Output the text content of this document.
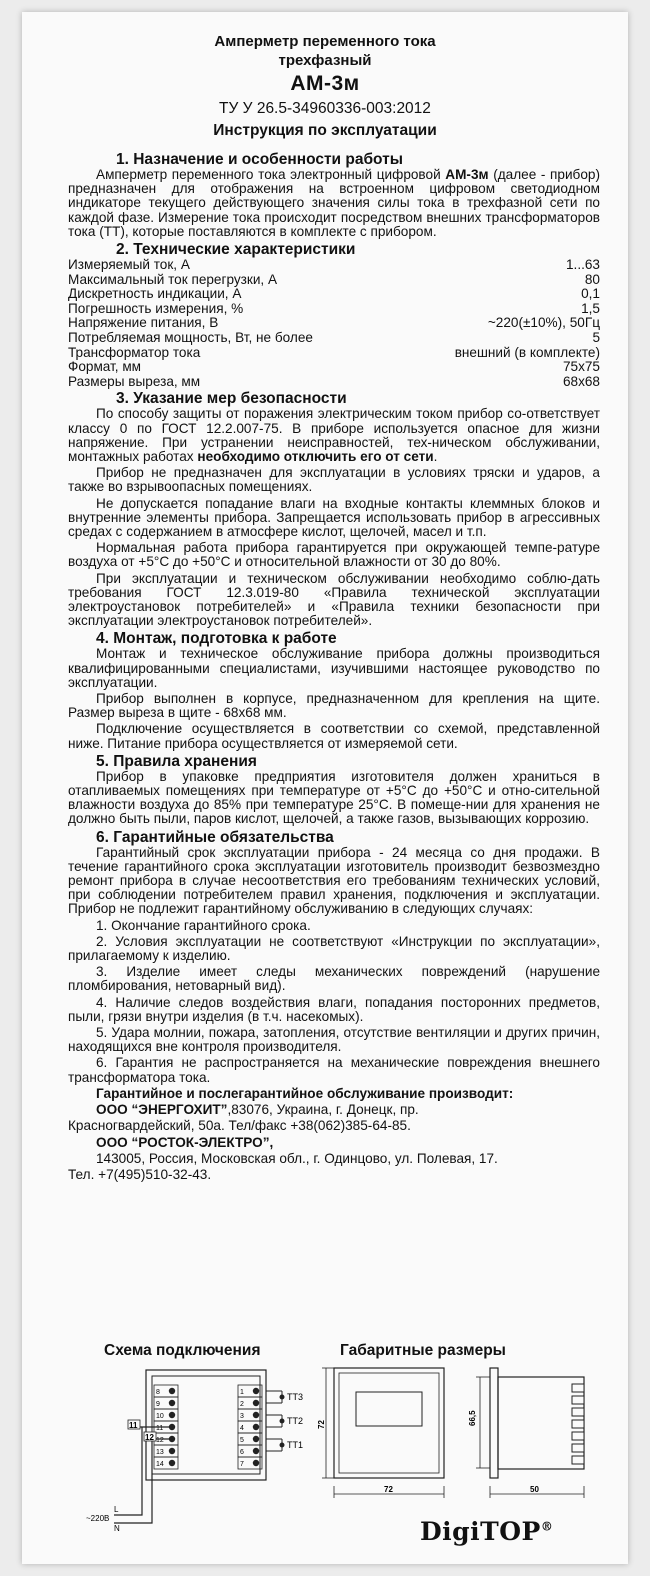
Амперметр переменного тока
трехфазный
АМ-3м
ТУ У 26.5-34960336-003:2012
Инструкция по эксплуатации
1. Назначение и особенности работы

Амперметр переменного тока электронный цифровой АМ-3м (далее - прибор) предназначен для отображения на встроенном цифровом светодиодном индикаторе текущего действующего значения силы тока в трехфазной сети по каждой фазе. Измерение тока происходит посредством внешних трансформаторов тока (ТТ), которые поставляются в комплекте с прибором.

2. Технические характеристики
Измеряемый ток, А	1...63
Максимальный ток перегрузки, А	80
Дискретность индикации, А	0,1
Погрешность измерения, %	1,5
Напряжение питания, В	~220(±10%), 50Гц
Потребляемая мощность, Вт, не более	5
Трансформатор тока	внешний (в комплекте)
Формат, мм	75х75
Размеры выреза, мм	68х68
3. Указание мер безопасности

По способу защиты от поражения электрическим током прибор со-ответствует классу 0 по ГОСТ 12.2.007-75. В приборе используется опасное для жизни напряжение. При устранении неисправностей, тех-ническом обслуживании, монтажных работах необходимо отключить его от сети.

Прибор не предназначен для эксплуатации в условиях тряски и ударов, а также во взрывоопасных помещениях.

Не допускается попадание влаги на входные контакты клеммных блоков и внутренние элементы прибора. Запрещается использовать прибор в агрессивных средах с содержанием в атмосфере кислот, щелочей, масел и т.п.

Нормальная работа прибора гарантируется при окружающей темпе-ратуре воздуха от +5°С до +50°С и относительной влажности от 30 до 80%.

При эксплуатации и техническом обслуживании необходимо соблю-дать требования ГОСТ 12.3.019-80 «Правила технической эксплуатации электроустановок потребителей» и «Правила техники безопасности при эксплуатации электроустановок потребителей».

4. Монтаж, подготовка к работе

Монтаж и техническое обслуживание прибора должны производиться квалифицированными специалистами, изучившими настоящее руководство по эксплуатации.

Прибор выполнен в корпусе, предназначенном для крепления на щите. Размер выреза в щите - 68х68 мм.

Подключение осуществляется в соответствии со схемой, представленной ниже. Питание прибора осуществляется от измеряемой сети.

5. Правила хранения

Прибор в упаковке предприятия изготовителя должен храниться в отапливаемых помещениях при температуре от +5°С до +50°С и отно-сительной влажности воздуха до 85% при температуре 25°С. В помеще-нии для хранения не должно быть пыли, паров кислот, щелочей, а также газов, вызывающих коррозию.

6. Гарантийные обязательства

Гарантийный срок эксплуатации прибора - 24 месяца со дня продажи. В течение гарантийного срока эксплуатации изготовитель производит безвозмездно ремонт прибора в случае несоответствия его требованиям технических условий, при соблюдении потребителем правил хранения, подключения и эксплуатации. Прибор не подлежит гарантийному обслуживанию в следующих случаях:

1. Окончание гарантийного срока.

2. Условия эксплуатации не соответствуют «Инструкции по эксплуатации», прилагаемому к изделию.

3. Изделие имеет следы механических повреждений (нарушение пломбирования, нетоварный вид).

4. Наличие следов воздействия влаги, попадания посторонних предметов, пыли, грязи внутри изделия (в т.ч. насекомых).

5. Удара молнии, пожара, затопления, отсутствие вентиляции и других причин, находящихся вне контроля производителя.

6. Гарантия не распространяется на механические повреждения внешнего трансформатора тока.

Гарантийное и послегарантийное обслуживание производит:

ООО “ЭНЕРГОХИТ”,83076, Украина, г. Донецк, пр.

Красногвардейский, 50а. Тел/факс +38(062)385-64-85.

ООО “РОСТОК-ЭЛЕКТРО”,

143005, Россия, Московская обл., г. Одинцово, ул. Полевая, 17.

Тел. +7(495)510-32-43.

Схема подключения	Габаритные размеры
8
9
10
11
12
13
14
1
2
3
4
5
6
7
ТТ3
ТТ2
ТТ1
11
12
L
~220В
N
72
72
66,5
50
DigiTOP®
